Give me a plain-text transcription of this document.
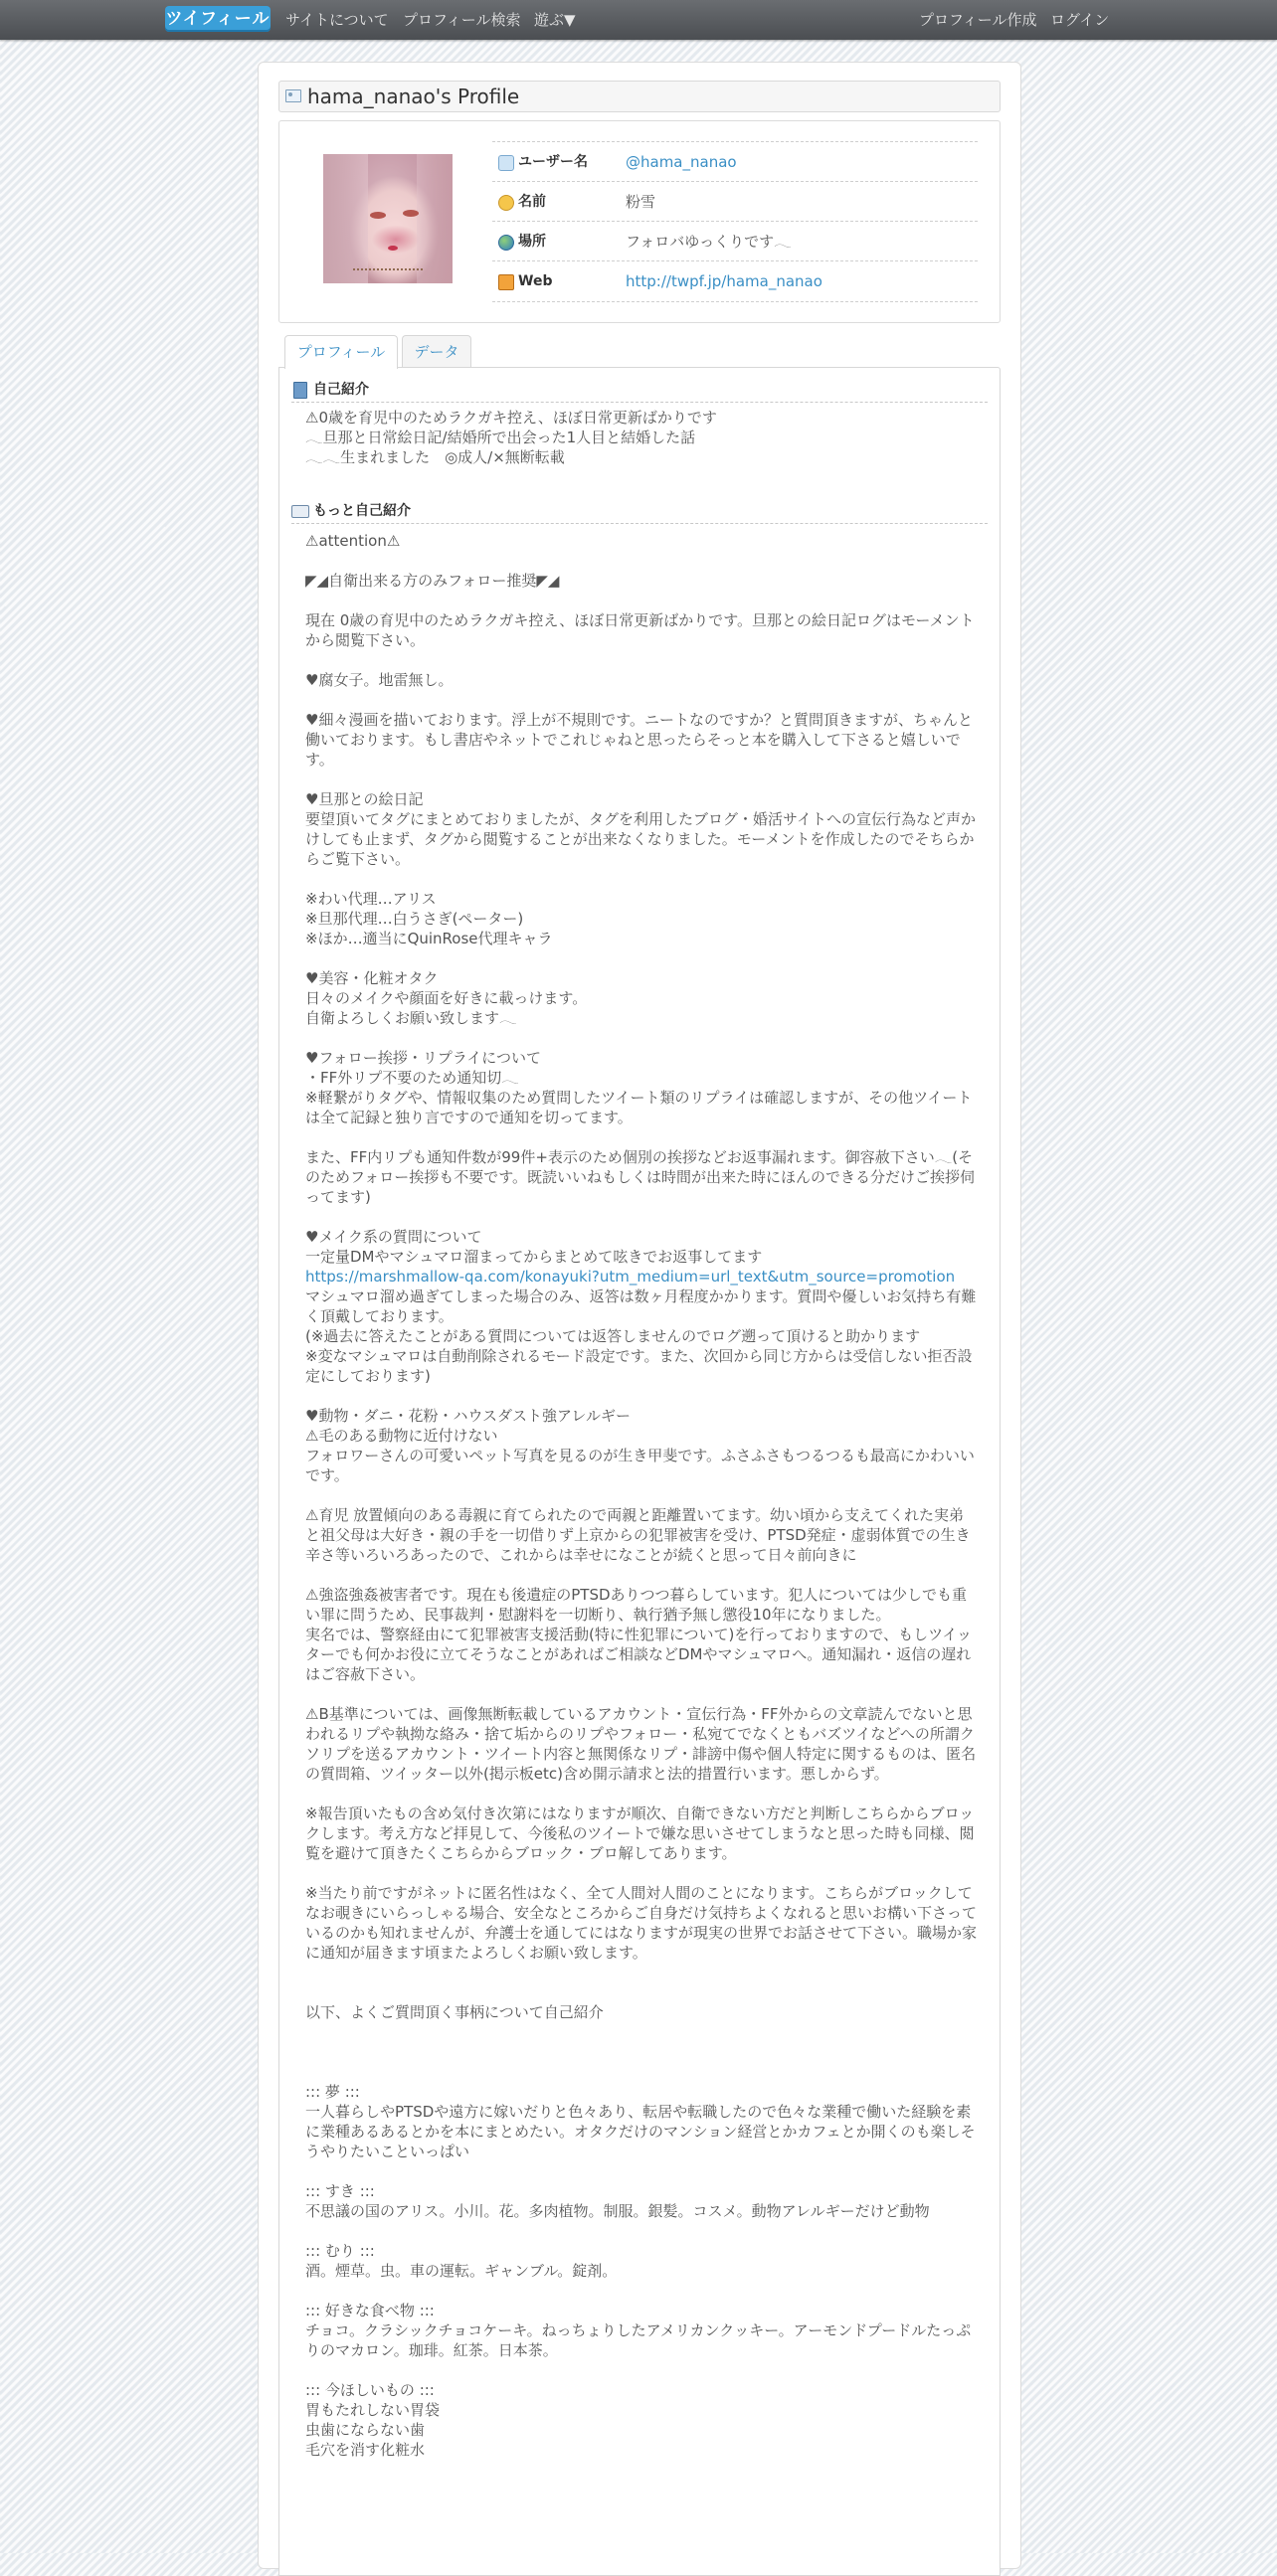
ツイフィール サイトについて プロフィール検索 遊ぶ▼	プロフィール作成 ログイン
hama_nanao's Profile
ユーザー名	@hama_nanao
名前	粉雪
場所	フォロバゆっくりです𓂃
Web	http://twpf.jp/hama_nanao
プロフィール	データ
自己紹介

⚠︎0歳を育児中のためラクガキ控え、ほぼ日常更新ばかりです

𓂃旦那と日常絵日記/結婚所で出会った1人目と結婚した話

𓂃𓂃生まれました　◎成人/×無断転載

もっと自己紹介

⚠︎attention⚠︎

◤◢自衛出来る方のみフォロー推奨◤◢

現在 0歳の育児中のためラクガキ控え、ほぼ日常更新ばかりです。旦那との絵日記ログはモーメントから閲覧下さい。

♥腐女子。地雷無し。

♥細々漫画を描いております。浮上が不規則です。ニートなのですか？と質問頂きますが、ちゃんと働いております。もし書店やネットでこれじゃねと思ったらそっと本を購入して下さると嬉しいです。

♥旦那との絵日記
要望頂いてタグにまとめておりましたが、タグを利用したブログ・婚活サイトへの宣伝行為など声かけしても止まず、タグから閲覧することが出来なくなりました。モーメントを作成したのでそちらからご覧下さい。

※わい代理…アリス
※旦那代理…白うさぎ(ペーター)
※ほか…適当にQuinRose代理キャラ

♥美容・化粧オタク
日々のメイクや顔面を好きに載っけます。
自衛よろしくお願い致します𓂃

♥フォロー挨拶・リプライについて
・FF外リプ不要のため通知切𓂃
※軽繋がりタグや、情報収集のため質問したツイート類のリプライは確認しますが、その他ツイートは全て記録と独り言ですので通知を切ってます。

また、FF内リプも通知件数が99件+表示のため個別の挨拶などお返事漏れます。御容赦下さい𓂃(そのためフォロー挨拶も不要です。既読いいねもしくは時間が出来た時にほんのできる分だけご挨拶伺ってます)

♥メイク系の質問について
一定量DMやマシュマロ溜まってからまとめて呟きでお返事してます

https://marshmallow-qa.com/konayuki?utm_medium=url_text&utm_source=promotion

マシュマロ溜め過ぎてしまった場合のみ、返答は数ヶ月程度かかります。質問や優しいお気持ち有難く頂戴しております。
(※過去に答えたことがある質問については返答しませんのでログ遡って頂けると助かります
※変なマシュマロは自動削除されるモード設定です。また、次回から同じ方からは受信しない拒否設定にしております)

♥動物・ダニ・花粉・ハウスダスト強アレルギー
⚠︎毛のある動物に近付けない
フォロワーさんの可愛いペット写真を見るのが生き甲斐です。ふさふさもつるつるも最高にかわいいです。

⚠︎育児 放置傾向のある毒親に育てられたので両親と距離置いてます。幼い頃から支えてくれた実弟と祖父母は大好き・親の手を一切借りず上京からの犯罪被害を受け、PTSD発症・虚弱体質での生き辛さ等いろいろあったので、これからは幸せになことが続くと思って日々前向きに

⚠︎強盗強姦被害者です。現在も後遺症のPTSDありつつ暮らしています。犯人については少しでも重い罪に問うため、民事裁判・慰謝料を一切断り、執行猶予無し懲役10年になりました。
実名では、警察経由にて犯罪被害支援活動(特に性犯罪について)を行っておりますので、もしツイッターでも何かお役に立てそうなことがあればご相談などDMやマシュマロへ。通知漏れ・返信の遅れはご容赦下さい。

⚠︎B基準については、画像無断転載しているアカウント・宣伝行為・FF外からの文章読んでないと思われるリプや執拗な絡み・捨て垢からのリプやフォロー・私宛てでなくともバズツイなどへの所謂クソリプを送るアカウント・ツイート内容と無関係なリプ・誹謗中傷や個人特定に関するものは、匿名の質問箱、ツイッター以外(掲示板etc)含め開示請求と法的措置行います。悪しからず。

※報告頂いたもの含め気付き次第にはなりますが順次、自衛できない方だと判断しこちらからブロックします。考え方など拝見して、今後私のツイートで嫌な思いさせてしまうなと思った時も同様、閲覧を避けて頂きたくこちらからブロック・ブロ解してあります。

※当たり前ですがネットに匿名性はなく、全て人間対人間のことになります。こちらがブロックしてなお覗きにいらっしゃる場合、安全なところからご自身だけ気持ちよくなれると思いお構い下さっているのかも知れませんが、弁護士を通してにはなりますが現実の世界でお話させて下さい。職場か家に通知が届きます頃またよろしくお願い致します。

以下、よくご質問頂く事柄について自己紹介

::: 夢 :::
一人暮らしやPTSDや遠方に嫁いだりと色々あり、転居や転職したので色々な業種で働いた経験を素に業種あるあるとかを本にまとめたい。オタクだけのマンション経営とかカフェとか開くのも楽しそうやりたいこといっぱい

::: すき :::
不思議の国のアリス。小川。花。多肉植物。制服。銀髪。コスメ。動物アレルギーだけど動物

::: むり :::
酒。煙草。虫。車の運転。ギャンブル。錠剤。

::: 好きな食べ物 :::
チョコ。クラシックチョコケーキ。ねっちょりしたアメリカンクッキー。アーモンドプードルたっぷりのマカロン。珈琲。紅茶。日本茶。

::: 今ほしいもの :::
胃もたれしない胃袋
虫歯にならない歯
毛穴を消す化粧水
